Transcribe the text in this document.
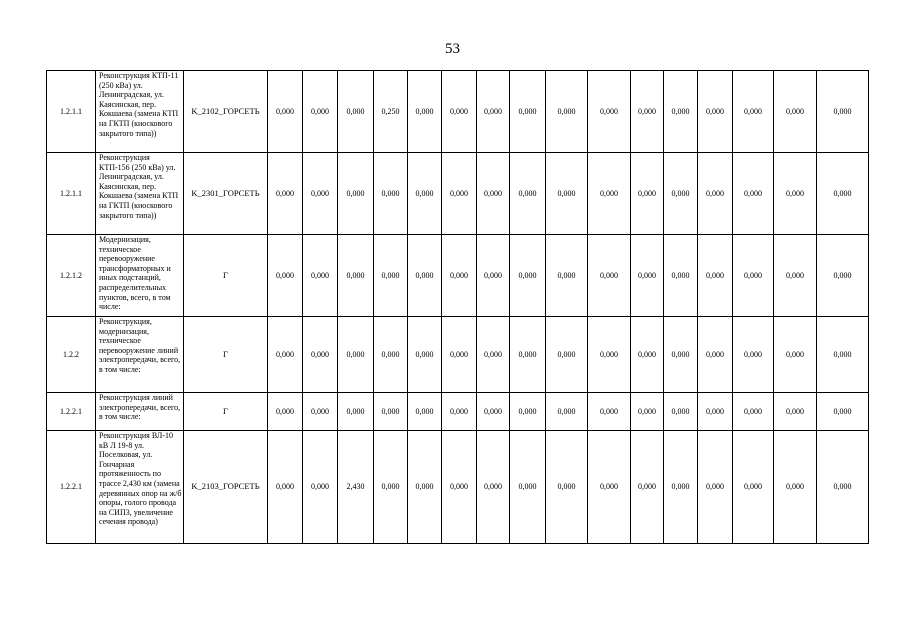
53
1.2.1.1	Реконструкция КТП-11 (250 кВа) ул. Ленинградская, ул. Каясинская, пер. Кокшаева (замена КТП на ГКТП (киоскового закрытого типа))	K_2102_ГОРСЕТЬ	0,000	0,000	0,000	0,250	0,000	0,000	0,000	0,000	0,000	0,000	0,000	0,000	0,000	0,000	0,000	0,000
1.2.1.1	Реконструкция КТП-156 (250 кВа) ул. Ленинградская, ул. Каясинская, пер. Кокшаева (замена КТП на ГКТП (киоскового закрытого типа))	K_2301_ГОРСЕТЬ	0,000	0,000	0,000	0,000	0,000	0,000	0,000	0,000	0,000	0,000	0,000	0,000	0,000	0,000	0,000	0,000
1.2.1.2	Модернизация, техническое перевооружение трансформаторных и иных подстанций, распределительных пунктов, всего, в том числе:	Г	0,000	0,000	0,000	0,000	0,000	0,000	0,000	0,000	0,000	0,000	0,000	0,000	0,000	0,000	0,000	0,000
1.2.2	Реконструкция, модернизация, техническое перевооружение линий электропередачи, всего, в том числе:	Г	0,000	0,000	0,000	0,000	0,000	0,000	0,000	0,000	0,000	0,000	0,000	0,000	0,000	0,000	0,000	0,000
1.2.2.1	Реконструкция линий электропередачи, всего, в том числе:	Г	0,000	0,000	0,000	0,000	0,000	0,000	0,000	0,000	0,000	0,000	0,000	0,000	0,000	0,000	0,000	0,000
1.2.2.1	Реконструкция ВЛ-10 кВ Л 19-8 ул. Поселковая, ул. Гончарная протяженность по трассе 2,430 км (замена деревянных опор на ж/б опоры, голого провода на СИП3, увеличение сечения провода)	K_2103_ГОРСЕТЬ	0,000	0,000	2,430	0,000	0,000	0,000	0,000	0,000	0,000	0,000	0,000	0,000	0,000	0,000	0,000	0,000
